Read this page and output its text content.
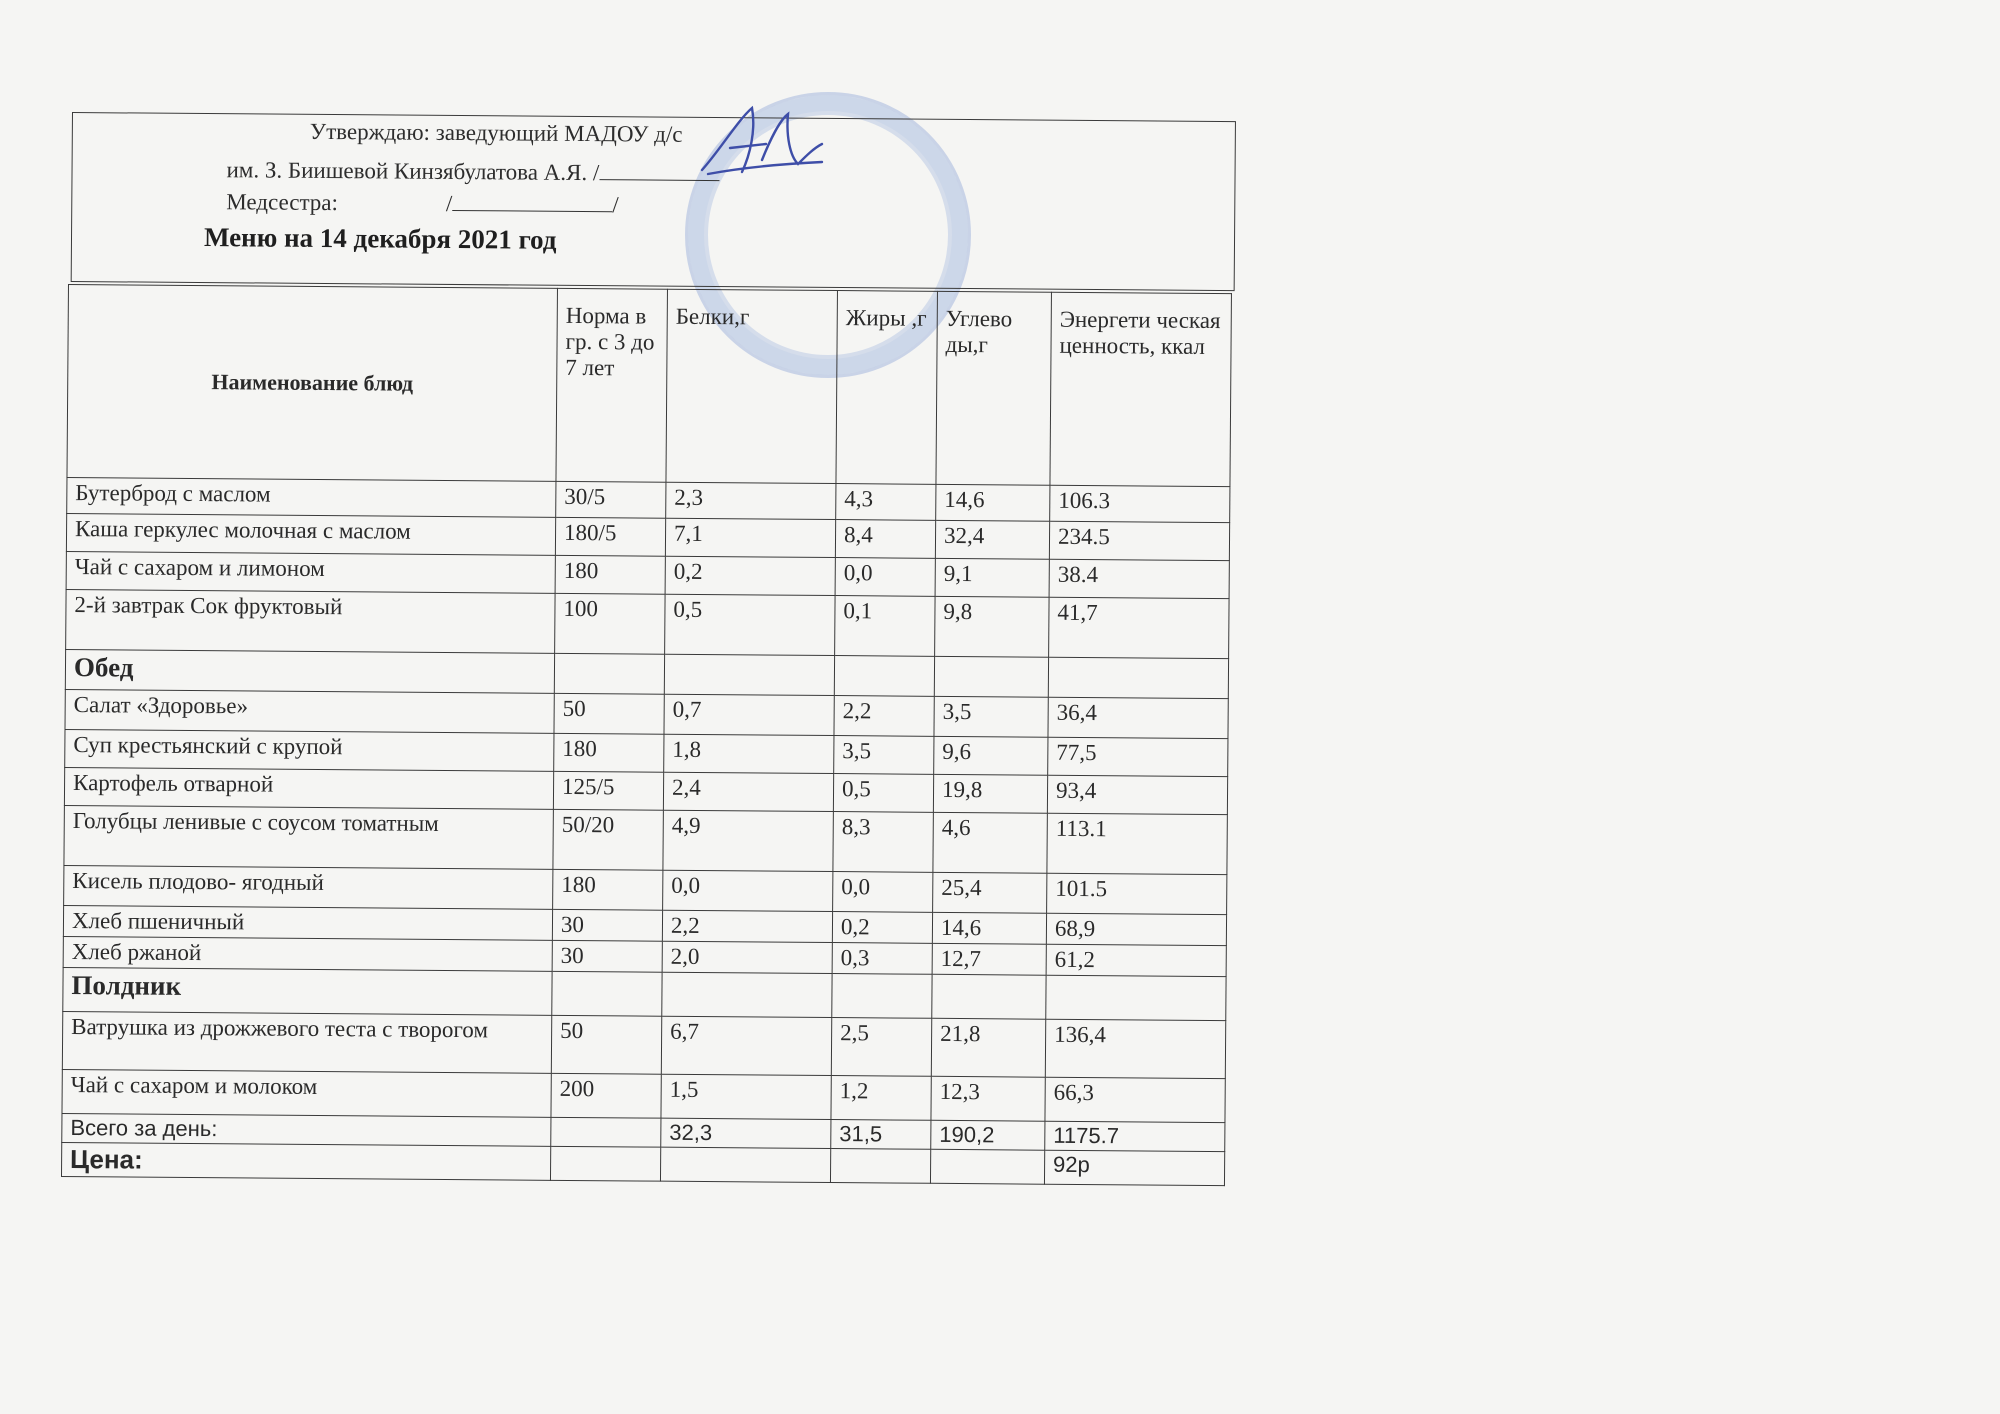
Утверждаю: заведующий МАДОУ д/с
им. З. Биишевой Кинзябулатова А.Я. /
Медсестра:	/	/
Меню на 14 декабря 2021 год
Наименование блюд	Норма в гр. с 3 до 7 лет	Белки,г	Жиры ,г	Углево ды,г	Энергети ческая ценность, ккал
Бутерброд с маслом	30/5	2,3	4,3	14,6	106.3
Каша геркулес молочная с маслом	180/5	7,1	8,4	32,4	234.5
Чай с сахаром и лимоном	180	0,2	0,0	9,1	38.4
2-й завтрак Сок фруктовый	100	0,5	0,1	9,8	41,7
Обед					
Салат «Здоровье»	50	0,7	2,2	3,5	36,4
Суп крестьянский с крупой	180	1,8	3,5	9,6	77,5
Картофель отварной	125/5	2,4	0,5	19,8	93,4
Голубцы ленивые с соусом томатным	50/20	4,9	8,3	4,6	113.1
Кисель плодово- ягодный	180	0,0	0,0	25,4	101.5
Хлеб пшеничный	30	2,2	0,2	14,6	68,9
Хлеб ржаной	30	2,0	0,3	12,7	61,2
Полдник					
Ватрушка из дрожжевого теста с творогом	50	6,7	2,5	21,8	136,4
Чай с сахаром и молоком	200	1,5	1,2	12,3	66,3
Всего за день:		32,3	31,5	190,2	1175.7
Цена:					92р
